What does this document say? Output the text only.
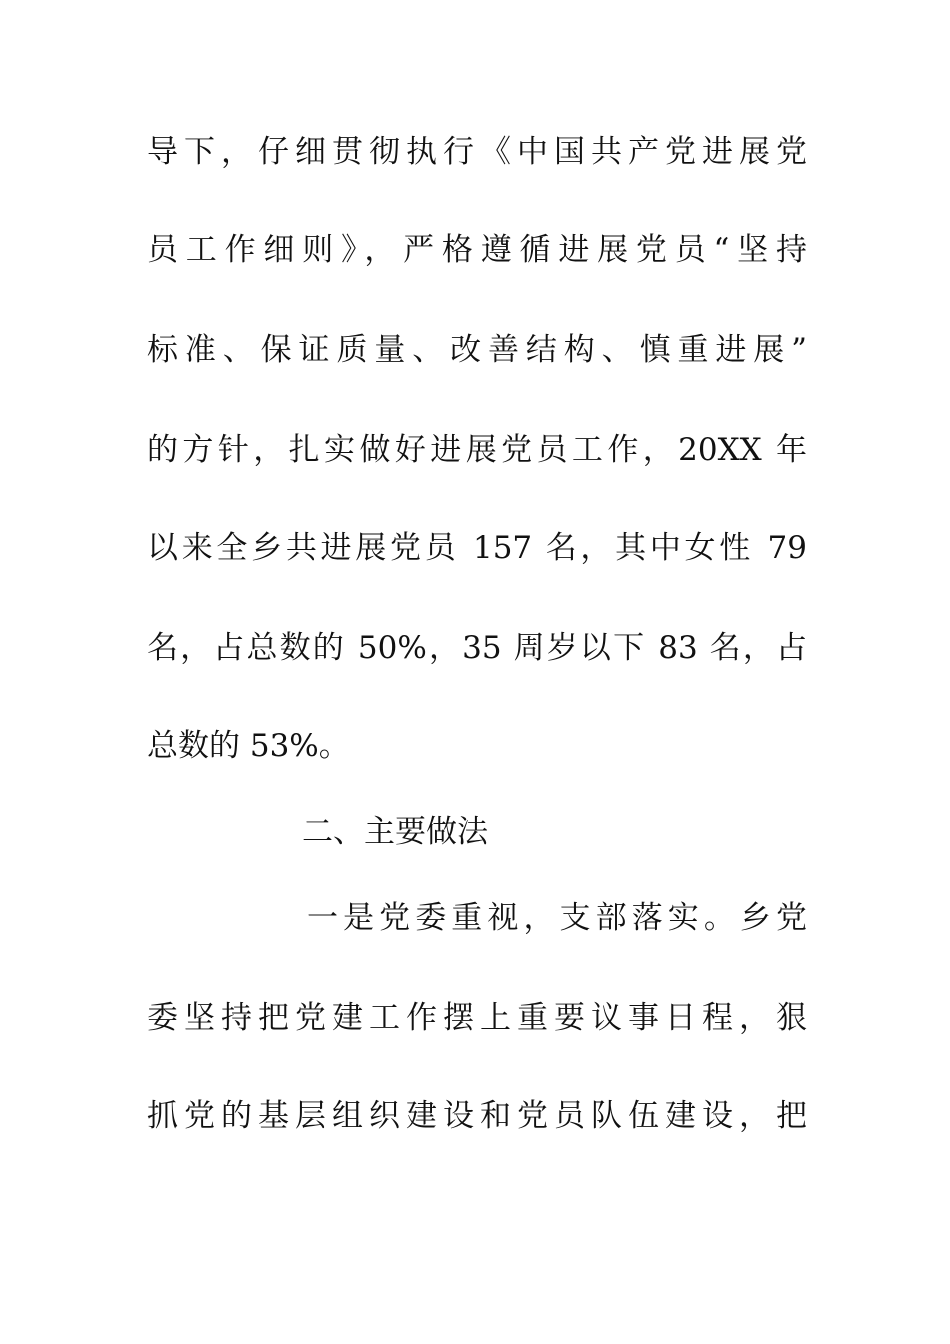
导下，仔细贯彻执行《中国共产党进展党
员工作细则》，严格遵循进展党员“坚持
标准、保证质量、改善结构、慎重进展”
的方针，扎实做好进展党员工作，20XX 年
以来全乡共进展党员 157 名，其中女性 79
名，占总数的 50%，35 周岁以下 83 名，占
总数的 53%。
二、主要做法
一是党委重视，支部落实。乡党
委坚持把党建工作摆上重要议事日程，狠
抓党的基层组织建设和党员队伍建设，把
